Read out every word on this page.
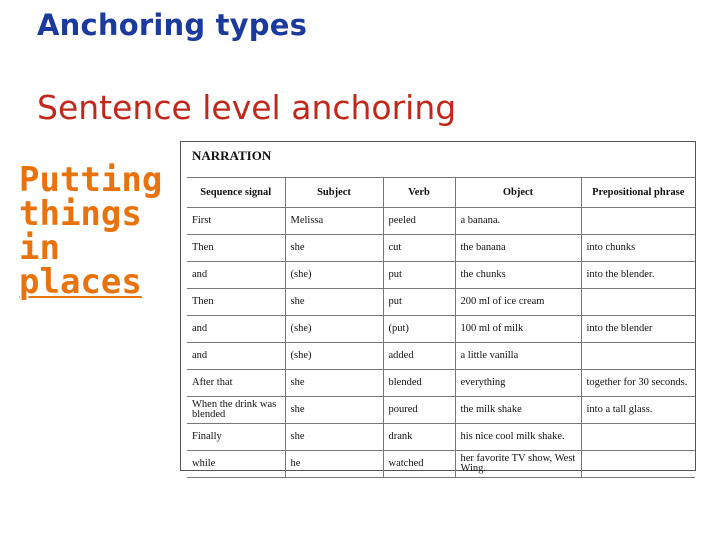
Anchoring types

Sentence level anchoring

Putting
things
in
places
NARRATION
Sequence signal	Subject	Verb	Object	Prepositional phrase
First	Melissa	peeled	a banana.	
Then	she	cut	the banana	into chunks
and	(she)	put	the chunks	into the blender.
Then	she	put	200 ml of ice cream	
and	(she)	(put)	100 ml of milk	into the blender
and	(she)	added	a little vanilla	
After that	she	blended	everything	together for 30 seconds.
When the drink was blended	she	poured	the milk shake	into a tall glass.
Finally	she	drank	his nice cool milk shake.	
while	he	watched	her favorite TV show, West Wing.	
